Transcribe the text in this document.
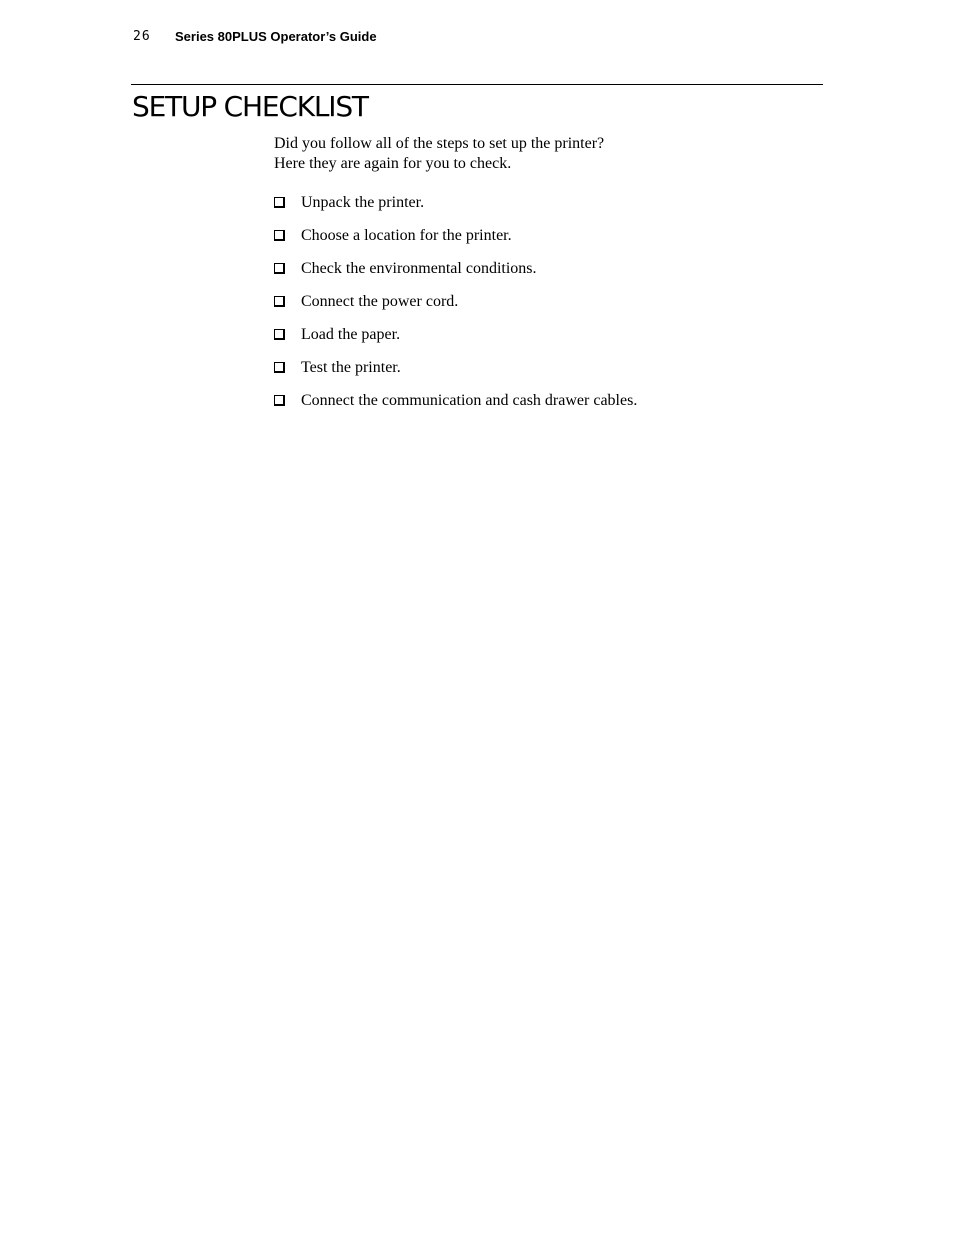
26 Series 80PLUS Operator’s Guide
SETUP CHECKLIST

Did you follow all of the steps to set up the printer?

Here they are again for you to check.

Unpack the printer.
Choose a location for the printer.
Check the environmental conditions.
Connect the power cord.
Load the paper.
Test the printer.
Connect the communication and cash drawer cables.
